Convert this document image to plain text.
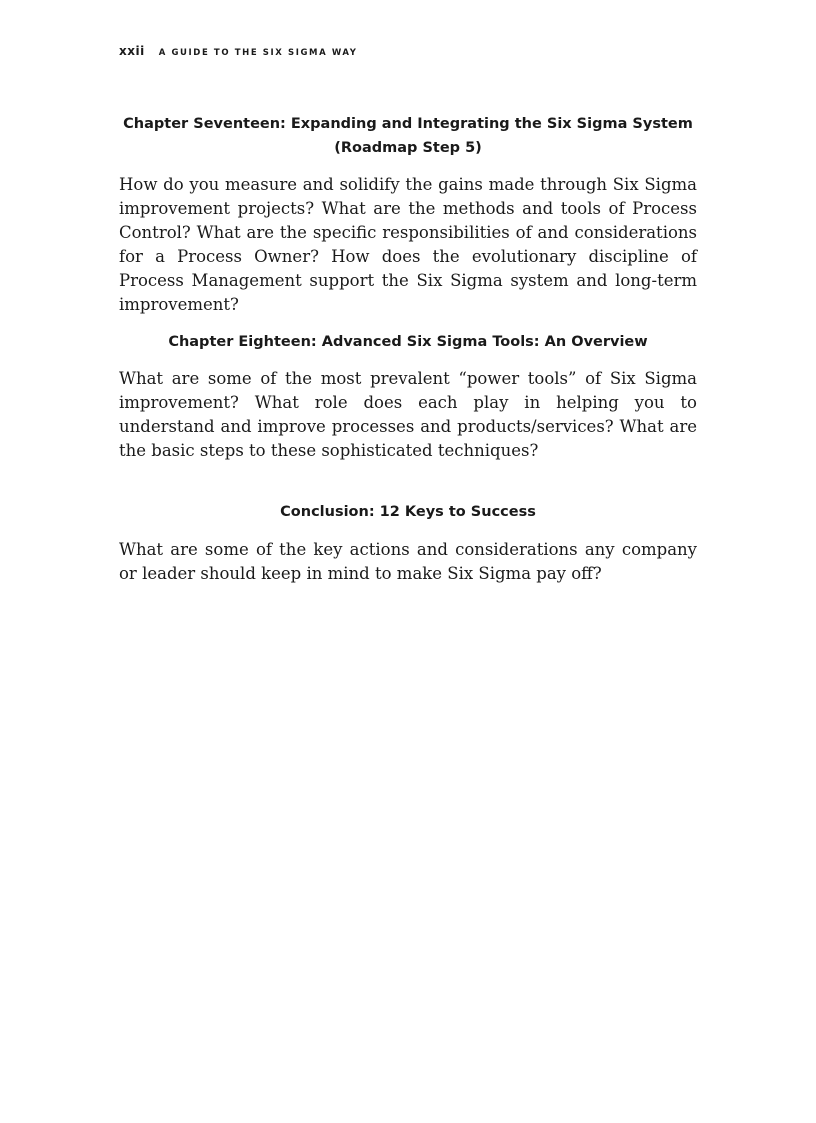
xxii A GUIDE TO THE SIX SIGMA WAY
Chapter Seventeen: Expanding and Integrating the Six Sigma System
(Roadmap Step 5)

How do you measure and solidify the gains made through Six Sigma improvement projects? What are the methods and tools of Process Control? What are the specific responsibilities of and considerations for a Process Owner? How does the evolutionary discipline of Process Management support the Six Sigma system and long-term improvement?

Chapter Eighteen: Advanced Six Sigma Tools: An Overview

What are some of the most prevalent “power tools” of Six Sigma improvement? What role does each play in helping you to understand and improve processes and products/services? What are the basic steps to these sophisticated techniques?

Conclusion: 12 Keys to Success

What are some of the key actions and considerations any company or leader should keep in mind to make Six Sigma pay off?
